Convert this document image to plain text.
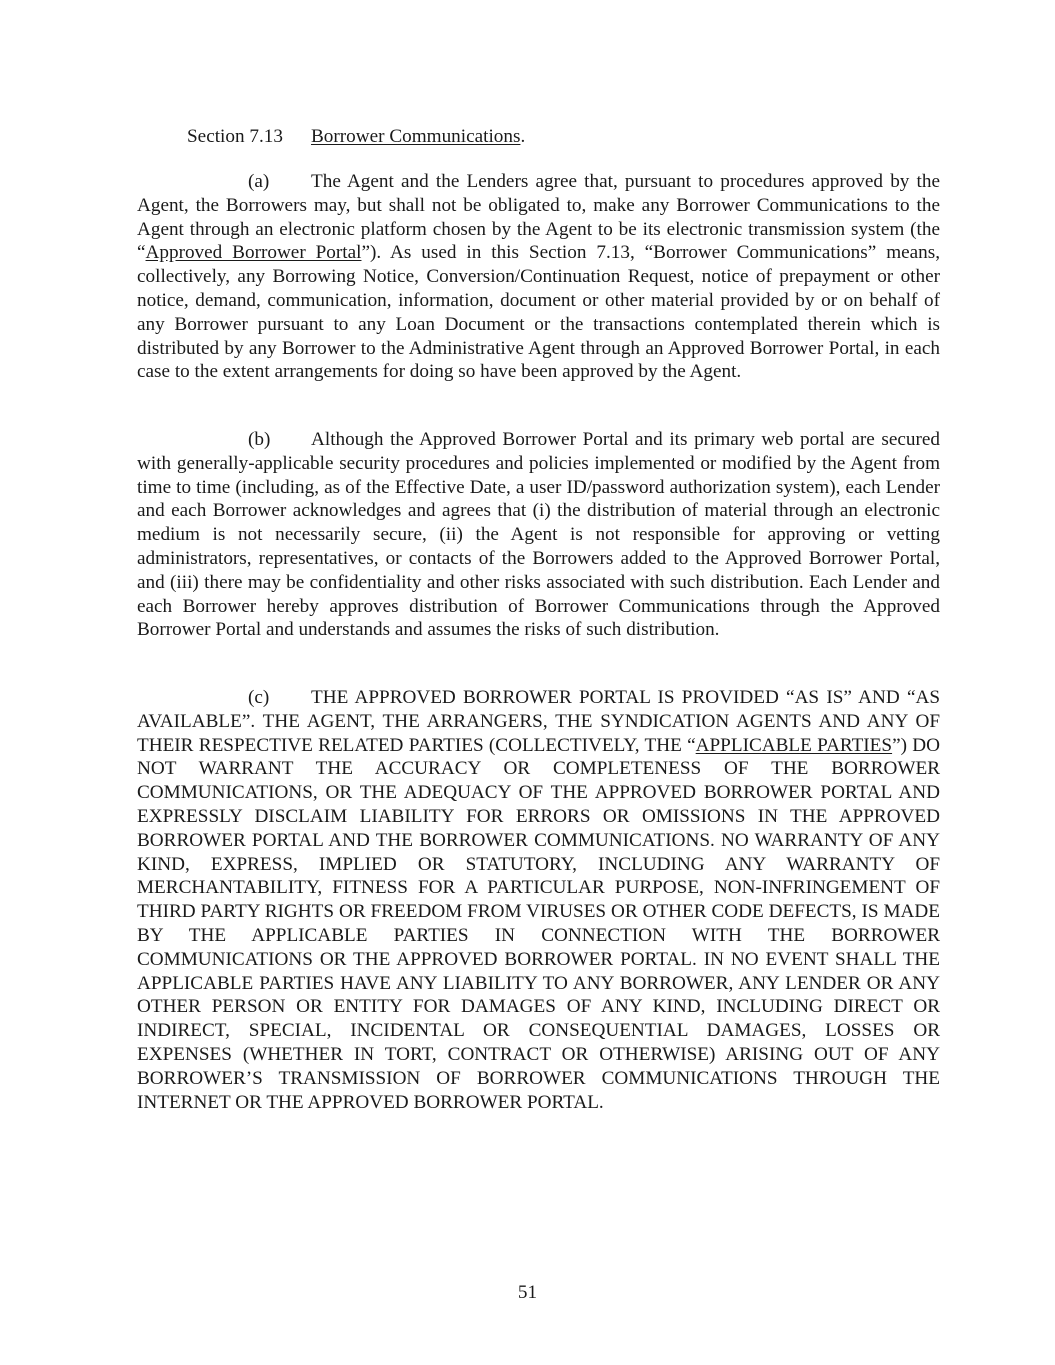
Section 7.13 Borrower Communications.
(a) The Agent and the Lenders agree that, pursuant to procedures approved by the Agent, the Borrowers may, but shall not be obligated to, make any Borrower Communications to the Agent through an electronic platform chosen by the Agent to be its electronic transmission system (the “Approved Borrower Portal”). As used in this Section 7.13, “Borrower Communications” means, collectively, any Borrowing Notice, Conversion/Continuation Request, notice of prepayment or other notice, demand, communication, information, document or other material provided by or on behalf of any Borrower pursuant to any Loan Document or the transactions contemplated therein which is distributed by any Borrower to the Administrative Agent through an Approved Borrower Portal, in each case to the extent arrangements for doing so have been approved by the Agent.
(b) Although the Approved Borrower Portal and its primary web portal are secured with generally-applicable security procedures and policies implemented or modified by the Agent from time to time (including, as of the Effective Date, a user ID/password authorization system), each Lender and each Borrower acknowledges and agrees that (i) the distribution of material through an electronic medium is not necessarily secure, (ii) the Agent is not responsible for approving or vetting administrators, representatives, or contacts of the Borrowers added to the Approved Borrower Portal, and (iii) there may be confidentiality and other risks associated with such distribution. Each Lender and each Borrower hereby approves distribution of Borrower Communications through the Approved Borrower Portal and understands and assumes the risks of such distribution.
(c) THE APPROVED BORROWER PORTAL IS PROVIDED “AS IS” AND “AS AVAILABLE”. THE AGENT, THE ARRANGERS, THE SYNDICATION AGENTS AND ANY OF THEIR RESPECTIVE RELATED PARTIES (COLLECTIVELY, THE “APPLICABLE PARTIES”) DO NOT WARRANT THE ACCURACY OR COMPLETENESS OF THE BORROWER COMMUNICATIONS, OR THE ADEQUACY OF THE APPROVED BORROWER PORTAL AND EXPRESSLY DISCLAIM LIABILITY FOR ERRORS OR OMISSIONS IN THE APPROVED BORROWER PORTAL AND THE BORROWER COMMUNICATIONS. NO WARRANTY OF ANY KIND, EXPRESS, IMPLIED OR STATUTORY, INCLUDING ANY WARRANTY OF MERCHANTABILITY, FITNESS FOR A PARTICULAR PURPOSE, NON-INFRINGEMENT OF THIRD PARTY RIGHTS OR FREEDOM FROM VIRUSES OR OTHER CODE DEFECTS, IS MADE BY THE APPLICABLE PARTIES IN CONNECTION WITH THE BORROWER COMMUNICATIONS OR THE APPROVED BORROWER PORTAL. IN NO EVENT SHALL THE APPLICABLE PARTIES HAVE ANY LIABILITY TO ANY BORROWER, ANY LENDER OR ANY OTHER PERSON OR ENTITY FOR DAMAGES OF ANY KIND, INCLUDING DIRECT OR INDIRECT, SPECIAL, INCIDENTAL OR CONSEQUENTIAL DAMAGES, LOSSES OR EXPENSES (WHETHER IN TORT, CONTRACT OR OTHERWISE) ARISING OUT OF ANY BORROWER’S TRANSMISSION OF BORROWER COMMUNICATIONS THROUGH THE INTERNET OR THE APPROVED BORROWER PORTAL.
51
